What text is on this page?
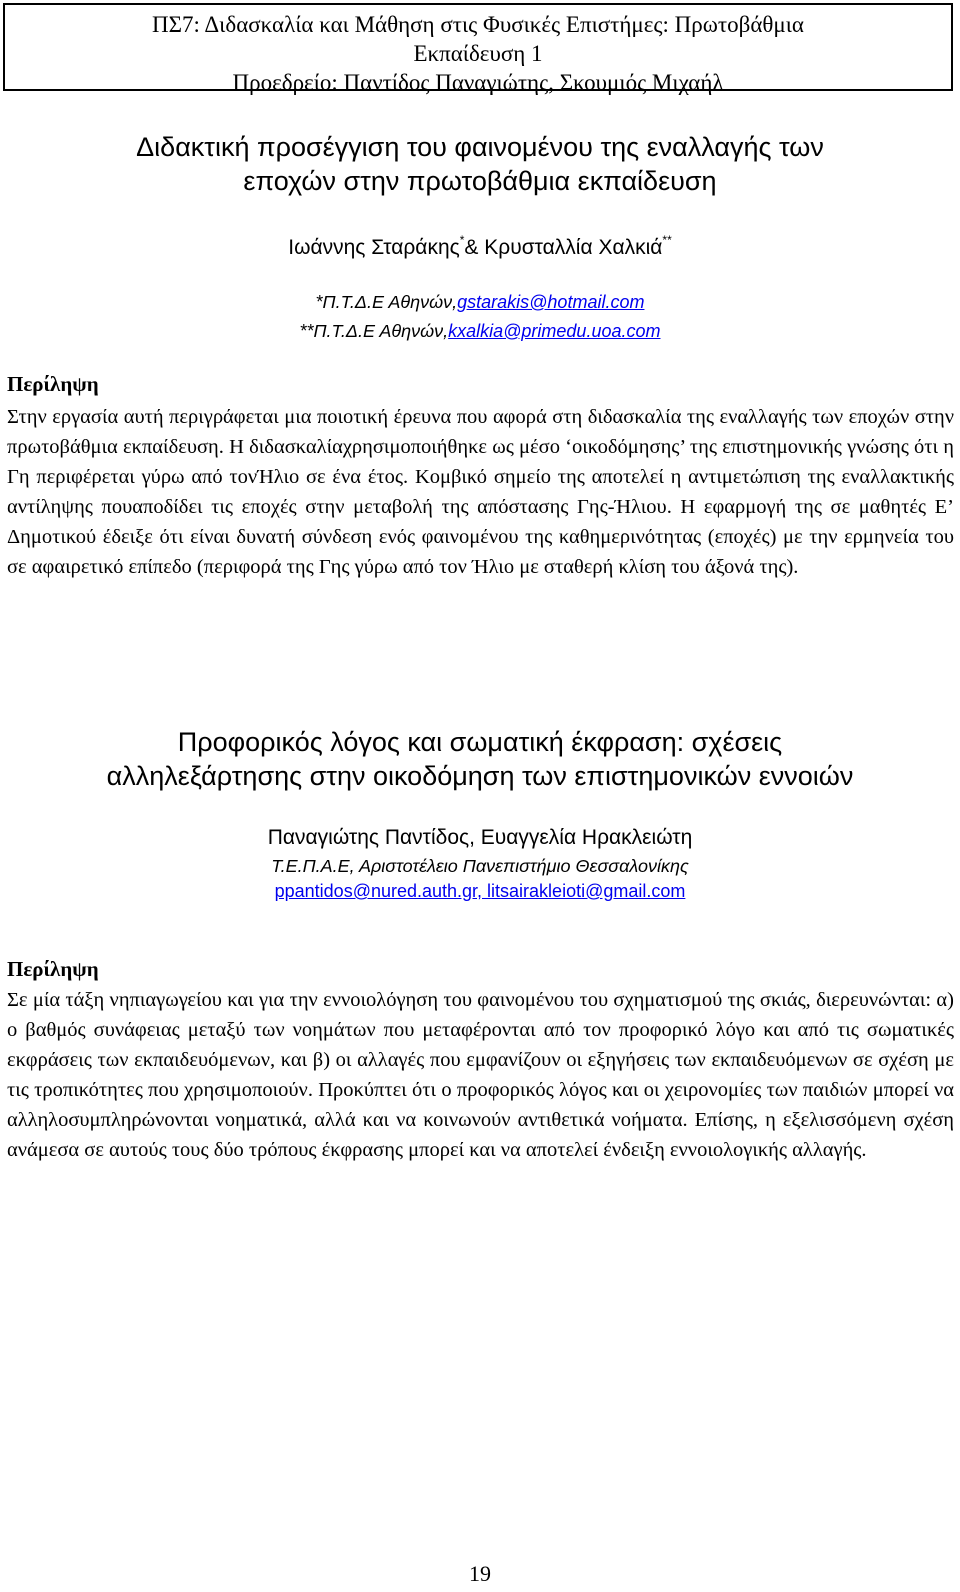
ΠΣ7: Διδασκαλία και Μάθηση στις Φυσικές Επιστήμες: Πρωτοβάθμια
Εκπαίδευση 1
Προεδρείο: Παντίδος Παναγιώτης, Σκουμιός Μιχαήλ
Διδακτική προσέγγιση του φαινομένου της εναλλαγής των
εποχών στην πρωτοβάθμια εκπαίδευση
Ιωάννης Σταράκης*& Κρυσταλλία Χαλκιά**
*Π.Τ.Δ.Ε Αθηνών,gstarakis@hotmail.com
**Π.Τ.Δ.Ε Αθηνών,kxalkia@primedu.uoa.com
Περίληψη
Στην εργασία αυτή περιγράφεται μια ποιοτική έρευνα που αφορά στη διδασκαλία της εναλλαγής των εποχών στην πρωτοβάθμια εκπαίδευση. Η διδασκαλίαχρησιμοποιήθηκε ως μέσο ‘οικοδόμησης’ της επιστημονικής γνώσης ότι η Γη περιφέρεται γύρω από τονΉλιο σε ένα έτος. Κομβικό σημείο της αποτελεί η αντιμετώπιση της εναλλακτικής αντίληψης πουαποδίδει τις εποχές στην μεταβολή της απόστασης Γης-Ήλιου. Η εφαρμογή της σε μαθητές Ε’ Δημοτικού έδειξε ότι είναι δυνατή σύνδεση ενός φαινομένου της καθημερινότητας (εποχές) με την ερμηνεία του σε αφαιρετικό επίπεδο (περιφορά της Γης γύρω από τον Ήλιο με σταθερή κλίση του άξονά της).
Προφορικός λόγος και σωματική έκφραση: σχέσεις
αλληλεξάρτησης στην οικοδόμηση των επιστημονικών εννοιών
Παναγιώτης Παντίδος, Ευαγγελία Ηρακλειώτη
Τ.Ε.Π.Α.Ε, Αριστοτέλειο Πανεπιστήμιο Θεσσαλονίκης
ppantidos@nured.auth.gr, litsairakleioti@gmail.com
Περίληψη
Σε μία τάξη νηπιαγωγείου και για την εννοιολόγηση του φαινομένου του σχηματισμού της σκιάς, διερευνώνται: α) ο βαθμός συνάφειας μεταξύ των νοημάτων που μεταφέρονται από τον προφορικό λόγο και από τις σωματικές εκφράσεις των εκπαιδευόμενων, και β) οι αλλαγές που εμφανίζουν οι εξηγήσεις των εκπαιδευόμενων σε σχέση με τις τροπικότητες που χρησιμοποιούν. Προκύπτει ότι ο προφορικός λόγος και οι χειρονομίες των παιδιών μπορεί να αλληλοσυμπληρώνονται νοηματικά, αλλά και να κοινωνούν αντιθετικά νοήματα. Επίσης, η εξελισσόμενη σχέση ανάμεσα σε αυτούς τους δύο τρόπους έκφρασης μπορεί και να αποτελεί ένδειξη εννοιολογικής αλλαγής.
19
